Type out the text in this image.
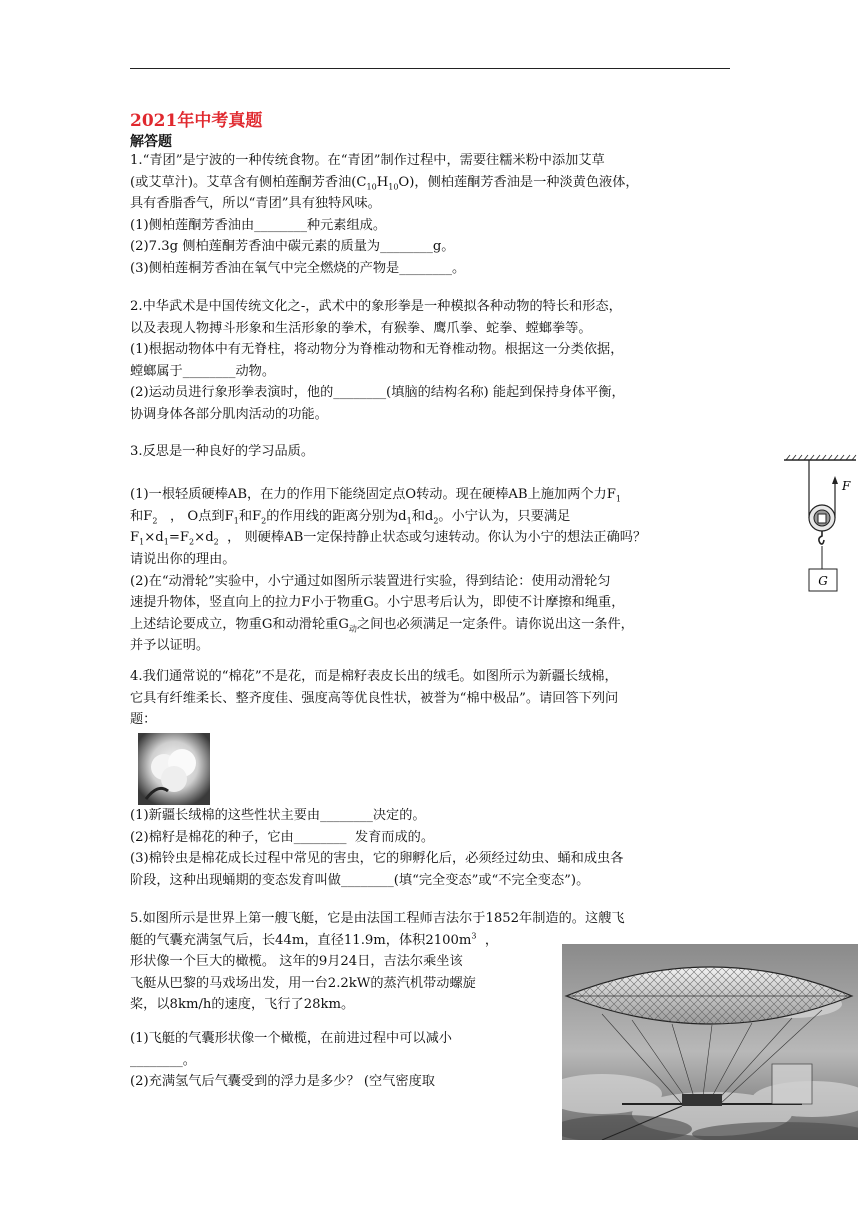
2021年中考真题
解答题

1.“青团”是宁波的一种传统食物。在“青团”制作过程中，需要往糯米粉中添加艾草

(或艾草汁)。艾草含有侧柏莲酮芳香油$(C_{10}H_{10}O)$，侧柏莲酮芳香油是一种淡黄色液体，

具有香脂香气，所以“青团”具有独特风味。

(1)侧柏莲酮芳香油由________种元素组成。

(2)7.3g 侧柏莲酮芳香油中碳元素的质量为________g。

(3)侧柏莲桐芳香油在氧气中完全燃烧的产物是________。

2.中华武术是中国传统文化之-，武术中的象形拳是一种模拟各种动物的特长和形态，

以及表现人物搏斗形象和生活形象的拳术，有猴拳、鹰爪拳、蛇拳、螳螂拳等。

(1)根据动物体中有无脊柱，将动物分为脊椎动物和无脊椎动物。根据这一分类依据，

螳螂属于________动物。

(2)运动员进行象形拳表演时，他的________(填脑的结构名称) 能起到保持身体平衡，

协调身体各部分肌肉活动的功能。

3.反思是一种良好的学习品质。

(1)一根轻质硬棒AB，在力的作用下能绕固定点O转动。现在硬棒AB上施加两个力$F_1$

和$F_2$   ， O点到$F_1$和$F_2$的作用线的距离分别为$d_1$和$d_2$。小宁认为，只要满足

$F_1\times d_1=F_2\times d_2$  ， 则硬棒AB一定保持静止状态或匀速转动。你认为小宁的想法正确吗？

请说出你的理由。

(2)在“动滑轮”实验中，小宁通过如图所示装置进行实验，得到结论：使用动滑轮匀

速提升物体，竖直向上的拉力F小于物重G。小宁思考后认为，即使不计摩擦和绳重，

上述结论要成立，物重G和动滑轮重$G_动$之间也必须满足一定条件。请你说出这一条件，

并予以证明。

G
F

4.我们通常说的“棉花”不是花，而是棉籽表皮长出的绒毛。如图所示为新疆长绒棉，

它具有纤维柔长、整齐度佳、强度高等优良性状，被誉为“棉中极品”。请回答下列问

题：

(1)新疆长绒棉的这些性状主要由________决定的。

(2)棉籽是棉花的种子，它由________  发育而成的。

(3)棉铃虫是棉花成长过程中常见的害虫，它的卵孵化后，必须经过幼虫、蛹和成虫各

阶段，这种出现蛹期的变态发育叫做________(填“完全变态”或“不完全变态”)。

5.如图所示是世界上第一艘飞艇，它是由法国工程师吉法尔于1852年制造的。这艘飞

艇的气囊充满氢气后，长44m，直径11.9m，体积$2100m^3$  ，

形状像一个巨大的橄榄。 这年的9月24日，吉法尔乘坐该

飞艇从巴黎的马戏场出发，用一台2.2kW的蒸汽机带动螺旋

桨，以8km/h的速度，飞行了28km。

(1)飞艇的气囊形状像一个橄榄，在前进过程中可以减小

________。

(2)充满氢气后气囊受到的浮力是多少？ (空气密度取
